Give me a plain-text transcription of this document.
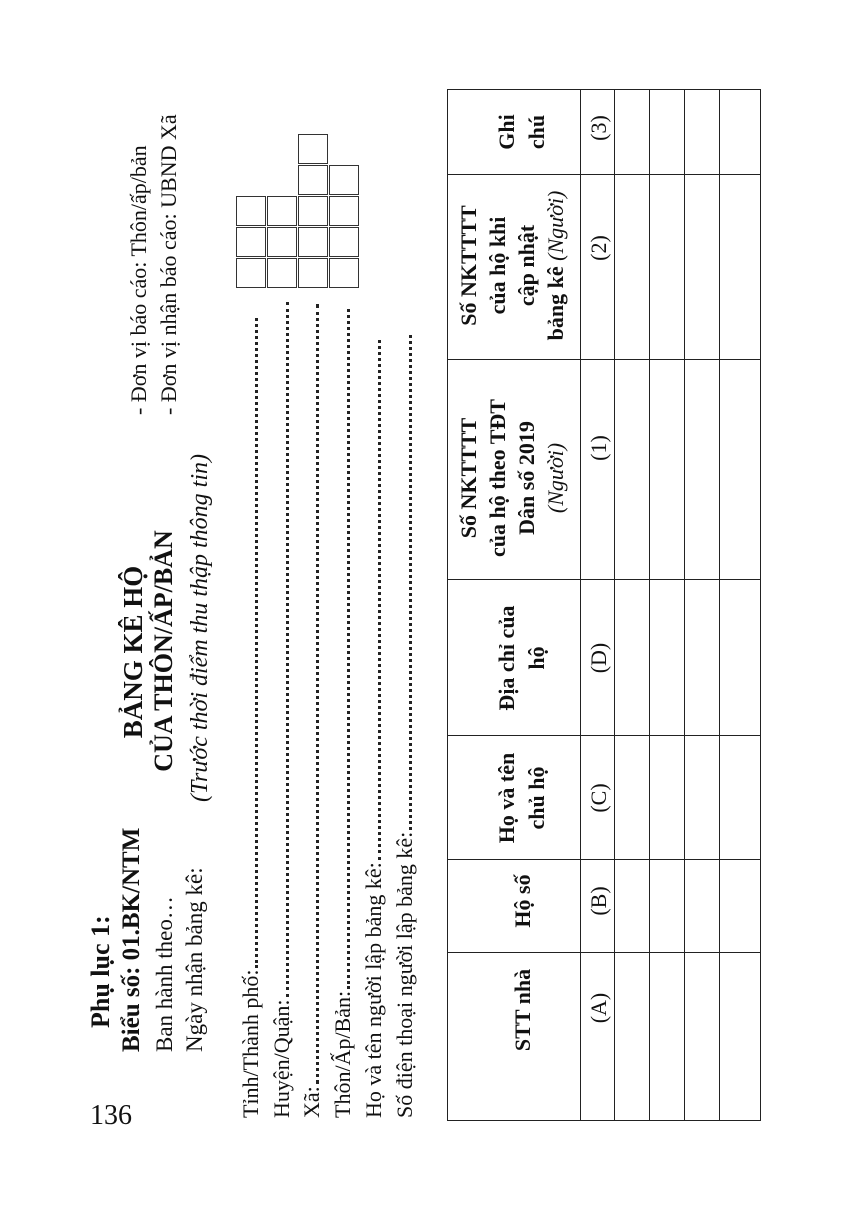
136
Phụ lục 1: Biểu số: 01.BK/NTM Ban hành theo… Ngày nhận bảng kê:
BẢNG KÊ HỘ CỦA THÔN/ẤP/BẢN (Trước thời điểm thu thập thông tin)
- Đơn vị báo cáo: Thôn/ấp/bản - Đơn vị nhận báo cáo: UBND Xã
Tỉnh/Thành phố: Huyện/Quận: Xã: Thôn/Ấp/Bản: Họ và tên người lập bảng kê: Số điện thoại người lập bảng kê:	STT nhà (A)
Hộ số (B)
Họ và tên chủ hộ (C)
Địa chỉ của hộ (D)
Số NKTTTT của hộ theo TĐT Dân số 2019 (Người) (1)
Số NKTTTT của hộ khi cập nhật bảng kê (Người) (2)
Ghi chú (3)
